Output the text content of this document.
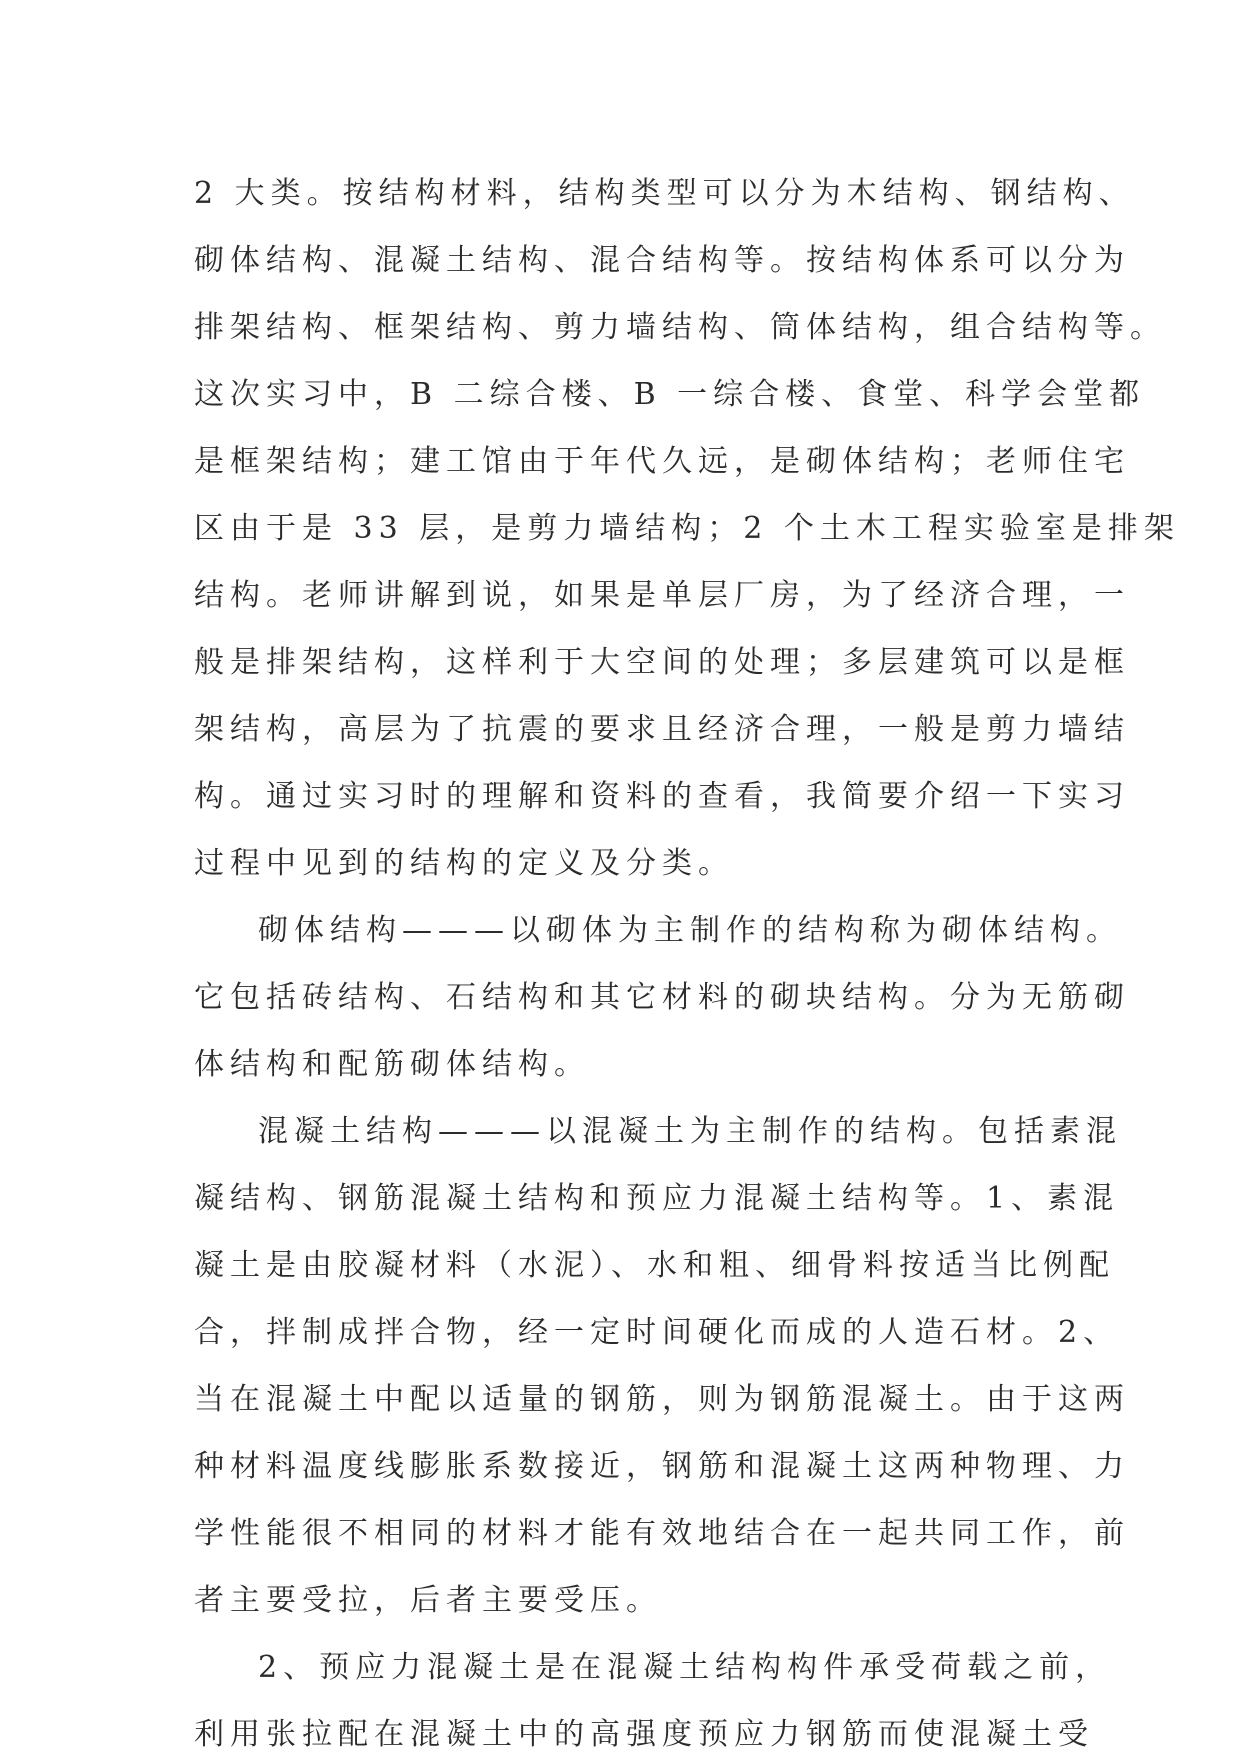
2 大类。按结构材料，结构类型可以分为木结构、钢结构、
砌体结构、混凝土结构、混合结构等。按结构体系可以分为
排架结构、框架结构、剪力墙结构、筒体结构，组合结构等。
这次实习中，B 二综合楼、B 一综合楼、食堂、科学会堂都
是框架结构；建工馆由于年代久远，是砌体结构；老师住宅
区由于是 33 层，是剪力墙结构；2 个土木工程实验室是排架
结构。老师讲解到说，如果是单层厂房，为了经济合理，一
般是排架结构，这样利于大空间的处理；多层建筑可以是框
架结构，高层为了抗震的要求且经济合理，一般是剪力墙结
构。通过实习时的理解和资料的查看，我简要介绍一下实习
过程中见到的结构的定义及分类。
砌体结构———以砌体为主制作的结构称为砌体结构。
它包括砖结构、石结构和其它材料的砌块结构。分为无筋砌
体结构和配筋砌体结构。
混凝土结构———以混凝土为主制作的结构。包括素混
凝结构、钢筋混凝土结构和预应力混凝土结构等。1、素混
凝土是由胶凝材料（水泥）、水和粗、细骨料按适当比例配
合，拌制成拌合物，经一定时间硬化而成的人造石材。2、
当在混凝土中配以适量的钢筋，则为钢筋混凝土。由于这两
种材料温度线膨胀系数接近，钢筋和混凝土这两种物理、力
学性能很不相同的材料才能有效地结合在一起共同工作，前
者主要受拉，后者主要受压。
2、预应力混凝土是在混凝土结构构件承受荷载之前，
利用张拉配在混凝土中的高强度预应力钢筋而使混凝土受
